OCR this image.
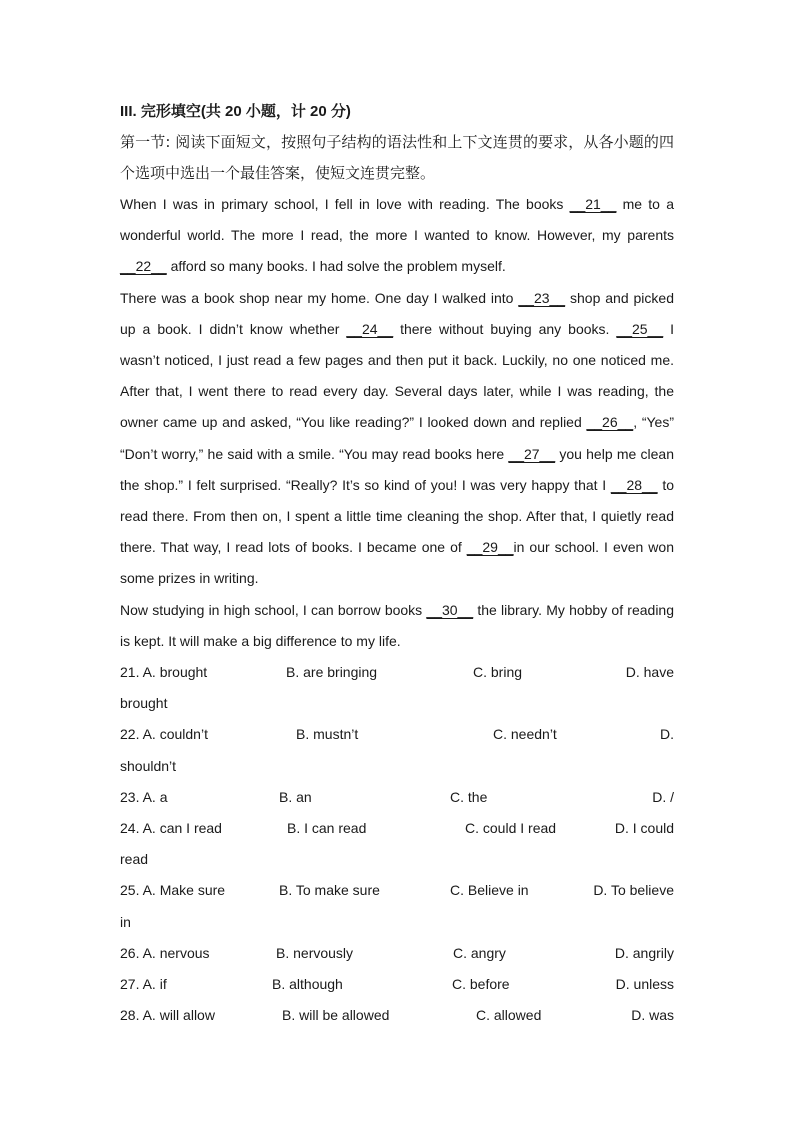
III. 完形填空(共 20 小题，计 20 分)

第一节: 阅读下面短文，按照句子结构的语法性和上下文连贯的要求，从各小题的四个选项中选出一个最佳答案，使短文连贯完整。

When I was in primary school, I fell in love with reading. The books __21__ me to a wonderful world. The more I read, the more I wanted to know. However, my parents __22__ afford so many books. I had solve the problem myself.

There was a book shop near my home. One day I walked into __23__ shop and picked up a book. I didn’t know whether __24__ there without buying any books. __25__ I wasn’t noticed, I just read a few pages and then put it back. Luckily, no one noticed me. After that, I went there to read every day. Several days later, while I was reading, the owner came up and asked, “You like reading?” I looked down and replied __26__, “Yes” “Don’t worry,” he said with a smile. “You may read books here __27__ you help me clean the shop.” I felt surprised. “Really? It’s so kind of you! I was very happy that I __28__ to read there. From then on, I spent a little time cleaning the shop. After that, I quietly read there. That way, I read lots of books. I became one of __29__in our school. I even won some prizes in writing.

Now studying in high school, I can borrow books __30__ the library. My hobby of reading is kept. It will make a big difference to my life.

21. A. brought	B. are bringing	C. bring	D. have
brought
22. A. couldn’t	B. mustn’t	C. needn’t	D.
shouldn’t
23. A. a	B. an	C. the	D. /
24. A. can I read	B. I can read	C. could I read	D. I could
read
25. A. Make sure	B. To make sure	C. Believe in	D. To believe
in
26. A. nervous	B. nervously	C. angry	D. angrily
27. A. if	B. although	C. before	D. unless
28. A. will allow	B. will be allowed	C. allowed	D. was
